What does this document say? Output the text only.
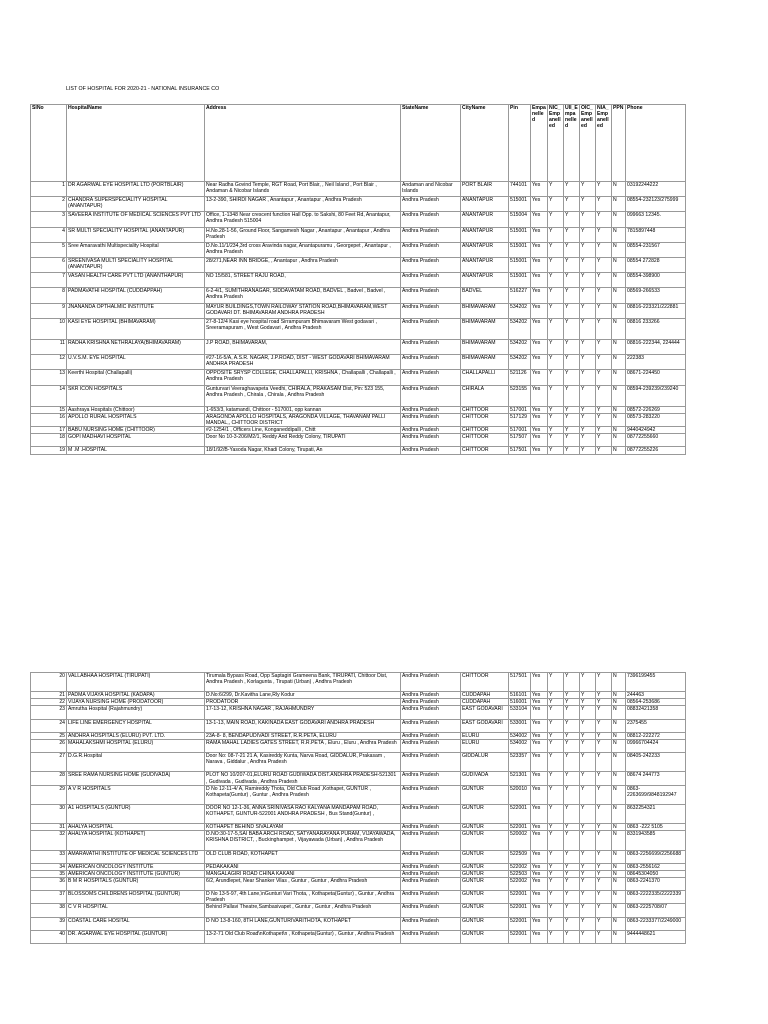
LIST OF HOSPITAL FOR 2020-21 - NATIONAL INSURANCE CO
SlNo	HospitalName	Address	StateName	CityName	Pin	Empanelled	NIC_Empanelled	UII_Empanelled	OIC_Empanelled	NIA_Empanelled	PPN	Phone
1	DR AGARWAL EYE HOSPITAL LTD (PORTBLAIR)	Near Radha Govind Temple, RGT Road, Port Blair, , Neil Island , Port Blair , Andaman & Nicobar Islands	Andaman and Nicobar Islands	PORT BLAIR	744101	Yes	Y	Y	Y	Y	N	03192244222
2	CHANDRA SUPERSPECIALITY HOSPITAL (ANANTAPUR)	13-2-390, SHIRDI NAGAR , Anantapur , Anantapur , Andhra Pradesh	Andhra Pradesh	ANANTAPUR	515001	Yes	Y	Y	Y	Y	N	08554-232123/275999
3	SAVEERA INSTITUTE OF MEDICAL SCIENCES PVT LTD	Office, 1-1348 Near crescent function Hall Opp. to Sakshi, 80 Feet Rd, Anantapur, Andhra Pradesh 515004	Andhra Pradesh	ANANTAPUR	515004	Yes	Y	Y	Y	Y	N	099663 12345.
4	SR MULTI SPECIALITY HOSPITAL (ANANTAPUR)	H.No.28-1-56, Ground Floor, Sangamesh Nagar , Anantapur , Anantapur , Andhra Pradesh	Andhra Pradesh	ANANTAPUR	515001	Yes	Y	Y	Y	Y	N	7815897448
5	Sree Amaravathi Multispeciality Hospital	D.No.11/1/234,3rd cross Aravinda nagar, Anantapuramu , Georgepet , Anantapur , Andhra Pradesh	Andhra Pradesh	ANANTAPUR	515001	Yes	Y	Y	Y	Y	N	08554-231567
6	SREENIVASA MULTI SPECIALITY HOSPITAL (ANANTAPUR)	28/271,NEAR INN BRIDGE, , Anantapur , Andhra Pradesh	Andhra Pradesh	ANANTAPUR	515001	Yes	Y	Y	Y	Y	N	08554 272828
7	VASAN HEALTH CARE PVT LTD (ANANTHAPUR)	NO 15/581, STREET RAJU ROAD,	Andhra Pradesh	ANANTAPUR	515001	Yes	Y	Y	Y	Y	N	08554-398900
8	PADMAVATHI HOSPITAL (CUDDAPPAH)	6-2-4/1, SUMITHRANAGAR, SIDDAVATAM ROAD, BADVEL , Badvel , Badvel , Andhra Pradesh	Andhra Pradesh	BADVEL	516227	Yes	Y	Y	Y	Y	N	08569-266533
9	JNANANDA OPTHALMIC INSTITUTE	MAYUR BUILDINGS,TOWN RAILOWAY STATION ROAD,BHIMAVARAM,WEST GODAVARI DT. BHIMAVARAM ANDHRA PRADESH	Andhra Pradesh	BHIMAVARAM	534202	Yes	Y	Y	Y	Y	N	08816-223321/222881
10	KASI EYE HOSPITAL (BHIMAVARAM)	27-8-12/4 Kasi eye hospital road Sirrampuram Bhimavaram West godavari , Sreeramapuram , West Godavari , Andhra Pradesh	Andhra Pradesh	BHIMAVARAM	534202	Yes	Y	Y	Y	Y	N	08816 233266
11	RADHA KRISHNA NETHRALAYA(BHIMAVARAM)	J.P ROAD, BHIMAVARAM,	Andhra Pradesh	BHIMAVARAM	534202	Yes	Y	Y	Y	Y	N	08816-222344, 224444
12	U.V.S.M. EYE HOSPITAL	#27-16-5/A, A.S.R. NAGAR, J.P.ROAD, DIST - WEST GODAVARI BHIMAVARAM ANDHRA PRADESH	Andhra Pradesh	BHIMAVARAM	534202	Yes	Y	Y	Y	Y	N	222383
13	Keerthi Hospital (Challapalli)	OPPOSITE SRYSP COLLEGE, CHALLAPALLI, KRISHNA , Challapalli , Challapalli , Andhra Pradesh	Andhra Pradesh	CHALLAPALLI	521126	Yes	Y	Y	Y	Y	N	08671-224450
14	SKR ICON HOSPITALS	Gunturvari Veeraghavapeta Veedhi, CHIRALA, PRAKASAM Dist, Pin: 523 155, Andhra Pradesh , Chirala , Chirala , Andhra Pradesh	Andhra Pradesh	CHIRALA	523155	Yes	Y	Y	Y	Y	N	08594-239239/239240
15	Aashraya Hospitals (Chittoor)	1-653/3, katamandi, Chittoor - 517001, opp kannan	Andhra Pradesh	CHITTOOR	517001	Yes	Y	Y	Y	Y	N	08572-226269
16	APOLLO RURAL HOSPITALS	ARAGONDA APOLLO HOSPITALS, ARAGONDA VILLAGE, THAVANAM PALLI MANDAL,, CHITTOOR DISTRICT	Andhra Pradesh	CHITTOOR	517129	Yes	Y	Y	Y	Y	N	08573-283220
17	BABU NURSING HOME (CHITTOOR)	#2-1254/1 , Officers Line, Konganeddipalli , Chitt	Andhra Pradesh	CHITTOOR	517001	Yes	Y	Y	Y	Y	N	9440424942
18	GOPI MADHAVI HOSPITAL	Door No 10-3-206/M2/1, Reddy And Reddy Colony, TIRUPATI	Andhra Pradesh	CHITTOOR	517507	Yes	Y	Y	Y	Y	N	08772255660
19	M .M .HOSPITAL	18/1/92/B-Yasoda Nagar, Khadi Colony, Tirupati, An	Andhra Pradesh	CHITTOOR	517501	Yes	Y	Y	Y	Y	N	08772255226
20	VALLABHAA HOSPITAL (TIRUPATI)	Tirumala Bypass Road, Opp Saptagiri Grameena Bank, TIRUPATI, Chittoor Dist, Andhra Pradesh , Korlagunta , Tirupati (Urban) , Andhra Pradesh	Andhra Pradesh	CHITTOOR	517501	Yes	Y	Y	Y	Y	N	7396199455
21	PADMA VIJAYA HOSPITAL (KADAPA)	D.No:6/299, Dr.Kavitha Lane,Rly Kodur	Andhra Pradesh	CUDDAPAH	516101	Yes	Y	Y	Y	Y	N	244463
22	VIJAYA NURSING HOME (PRODATOOR)	PRODATOOR	Andhra Pradesh	CUDDAPAH	516001	Yes	Y	Y	Y	Y	N	08564-253686
23	Amrutha Hospital (Rajahmundry)	17-13-12, KRISHNA NAGAR , RAJAHMUNDRY	Andhra Pradesh	EAST GODAVARI	533104	Yes	Y	Y	Y	Y	N	08832421358
24	LIFE LINE EMERGENCY HOSPITAL	13-1-13, MAIN ROAD, KAKINADA EAST GODAVARI ANDHRA PRADESH	Andhra Pradesh	EAST GODAVARI	533001	Yes	Y	Y	Y	Y	N	2375455
25	ANDHRA HOSPITALS (ELURU) PVT. LTD.	23A-8- 8, BENDAPUDIVADI STREET, R.R.PETA, ELURU	Andhra Pradesh	ELURU	534002	Yes	Y	Y	Y	Y	N	08812-222272
26	MAHALAKSHMI HOSPITAL (ELURU)	RAMA MAHAL LADIES GATES STREET, R.R.PETA , Eluru , Eluru , Andhra Pradesh	Andhra Pradesh	ELURU	534002	Yes	Y	Y	Y	Y	N	09966704424
27	D.G.R.Hospital	Door No: 08-7-21 21 A, Kasireddy Kunta, Narva Road, GIDDALUR, Prakasam , Narava , Giddalur , Andhra Pradesh	Andhra Pradesh	GIDDALUR	523357	Yes	Y	Y	Y	Y	N	08405-242233
28	SREE RAMA NURSING HOME (GUDIVADA)	PLOT NO 10/207-01,ELURU ROAD GUDIWADA DIST.ANDHRA PRADESH-521301 , Gudivada , Gudivada , Andhra Pradesh	Andhra Pradesh	GUDIVADA	521301	Yes	Y	Y	Y	Y	N	08674 244773
29	A V R HOSPITALS	D No 12-11-4/ A, Ramireddy Thota, Old Club Road ,Kothapet, GUNTUR , Kothapeta(Guntur) , Guntur , Andhra Pradesh	Andhra Pradesh	GUNTUR	520010	Yes	Y	Y	Y	Y	N	0863-2263699/9848192947
30	A1 HOSPITALS (GUNTUR)	DOOR NO 12-1-36, ANNA SRINIVASA RAO KALYANA MANDAPAM ROAD, KOTHAPET, GUNTUR-522001 ANDHRA PRADESH , Bus Stand(Guntur) ,	Andhra Pradesh	GUNTUR	522001	Yes	Y	Y	Y	Y	N	8632254321
31	AHALYA HOSPITAL	KOTHAPET BEHIND SIVALAYAM	Andhra Pradesh	GUNTUR	522001	Yes	Y	Y	Y	Y	N	0863 -222 5105
32	AHALYA HOSPITAL (KOTHAPET)	D.NO:30-17-5,SAI BABA ARCH ROAD, SATYANARAYANA PURAM, VIJAYAWADA, KRISHNA DISTRICT, , Buckinghampet , Vijayawada (Urban) , Andhra Pradesh	Andhra Pradesh	GUNTUR	520002	Yes	Y	Y	Y	Y	N	8331943585
33	AMARAVATHI INSTITUTE OF MEDICAL SCIENCES LTD	OLD CLUB ROAD, KOTHAPET	Andhra Pradesh	GUNTUR	522509	Yes	Y	Y	Y	Y	N	0863-2256699/2256688
34	AMERICAN ONCOLOGY INSTITUTE	PEDAKAKANI	Andhra Pradesh	GUNTUR	522002	Yes	Y	Y	Y	Y	N	0863-2556162
35	AMERICAN ONCOLOGY INSTITUTE (GUNTUR)	MANGALAGIRI ROAD CHINA KAKANI	Andhra Pradesh	GUNTUR	522503	Yes	Y	Y	Y	Y	N	08645304050
36	B M R HOSPITALS (GUNTUR)	6/2, Arundlepet, Near Shanker Vilas , Guntur , Guntur , Andhra Pradesh	Andhra Pradesh	GUNTUR	522002	Yes	Y	Y	Y	Y	N	0863-2241370
37	BLOSSOMS CHILDRENS HOSPITAL (GUNTUR)	D No 13-5-97, 4th Lane,\nGunturi Vari Thota, , Kothapeta(Guntur) , Guntur , Andhra Pradesh	Andhra Pradesh	GUNTUR	522001	Yes	Y	Y	Y	Y	N	0863-2222335/2222339
38	C V R HOSPITAL	Behind Pallavi Theatre,Sambasivapet , Guntur , Guntur , Andhra Pradesh	Andhra Pradesh	GUNTUR	522001	Yes	Y	Y	Y	Y	N	0863-2225708/07
39	COASTAL CARE HOSITAL	D NO 13-8-160, 8TH LANE,GUNTURIVARITHOTA, KOTHAPET	Andhra Pradesh	GUNTUR	522001	Yes	Y	Y	Y	Y	N	0863-2233377/2249000
40	DR. AGARWAL EYE HOSPITAL (GUNTUR)	13-2-71 Old Club Road\nKothapet\n , Kothapeta(Guntur) , Guntur , Andhra Pradesh	Andhra Pradesh	GUNTUR	522001	Yes	Y	Y	Y	Y	N	9444448621
